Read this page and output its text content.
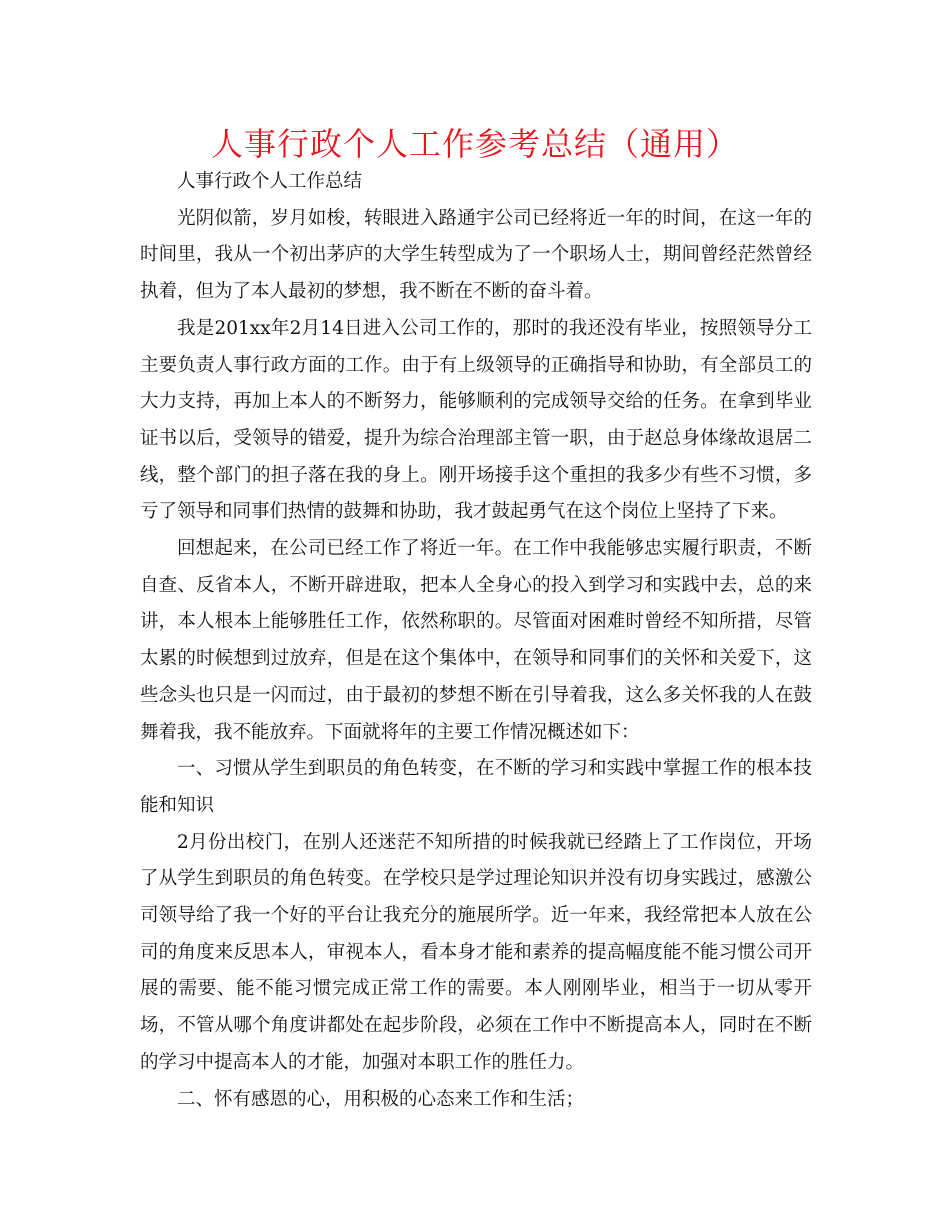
人事行政个人工作参考总结（通用）

人事行政个人工作总结

光阴似箭，岁月如梭，转眼进入路通宇公司已经将近一年的时间，在这一年的时间里，我从一个初出茅庐的大学生转型成为了一个职场人士，期间曾经茫然曾经执着，但为了本人最初的梦想，我不断在不断的奋斗着。

我是201xx年2月14日进入公司工作的，那时的我还没有毕业，按照领导分工主要负责人事行政方面的工作。由于有上级领导的正确指导和协助，有全部员工的大力支持，再加上本人的不断努力，能够顺利的完成领导交给的任务。在拿到毕业证书以后，受领导的错爱，提升为综合治理部主管一职，由于赵总身体缘故退居二线，整个部门的担子落在我的身上。刚开场接手这个重担的我多少有些不习惯，多亏了领导和同事们热情的鼓舞和协助，我才鼓起勇气在这个岗位上坚持了下来。

回想起来，在公司已经工作了将近一年。在工作中我能够忠实履行职责，不断自查、反省本人，不断开辟进取，把本人全身心的投入到学习和实践中去，总的来讲，本人根本上能够胜任工作，依然称职的。尽管面对困难时曾经不知所措，尽管太累的时候想到过放弃，但是在这个集体中，在领导和同事们的关怀和关爱下，这些念头也只是一闪而过，由于最初的梦想不断在引导着我，这么多关怀我的人在鼓舞着我，我不能放弃。下面就将年的主要工作情况概述如下：

一、习惯从学生到职员的角色转变，在不断的学习和实践中掌握工作的根本技能和知识

2月份出校门，在别人还迷茫不知所措的时候我就已经踏上了工作岗位，开场了从学生到职员的角色转变。在学校只是学过理论知识并没有切身实践过，感激公司领导给了我一个好的平台让我充分的施展所学。近一年来，我经常把本人放在公司的角度来反思本人，审视本人，看本身才能和素养的提高幅度能不能习惯公司开展的需要、能不能习惯完成正常工作的需要。本人刚刚毕业，相当于一切从零开场，不管从哪个角度讲都处在起步阶段，必须在工作中不断提高本人，同时在不断的学习中提高本人的才能，加强对本职工作的胜任力。

二、怀有感恩的心，用积极的心态来工作和生活；
